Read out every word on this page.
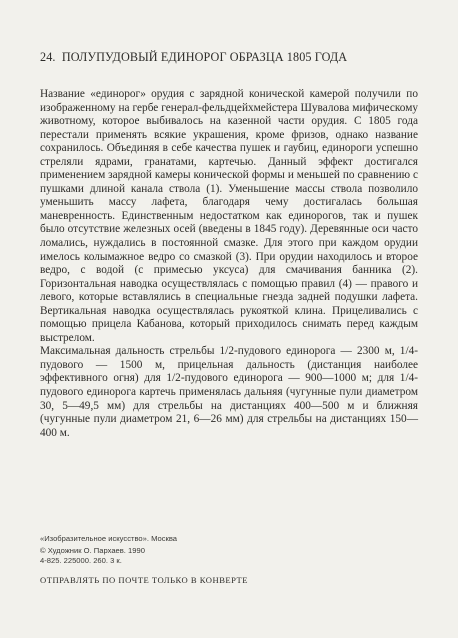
24. ПОЛУПУДОВЫЙ ЕДИНОРОГ ОБРАЗЦА 1805 ГОДА

Название «единорог» орудия с зарядной конической камерой получили по изображенному на гербе генерал-фельдцейхмейстера Шувалова мифическому животному, которое выбивалось на казенной части орудия. С 1805 года перестали применять всякие украшения, кроме фризов, однако название сохранилось. Объединяя в себе качества пушек и гаубиц, единороги успешно стреляли ядрами, гранатами, картечью. Данный эффект достигался применением зарядной камеры конической формы и меньшей по сравнению с пушками длиной канала ствола (1). Уменьшение массы ствола позволило уменьшить массу лафета, благодаря чему достигалась большая маневренность. Единственным недостатком как единорогов, так и пушек было отсутствие железных осей (введены в 1845 году). Деревянные оси часто ломались, нуждались в постоянной смазке. Для этого при каждом орудии имелось колымажное ведро со смазкой (3). При орудии находилось и второе ведро, с водой (с примесью уксуса) для смачивания банника (2). Горизонтальная наводка осуществлялась с помощью правил (4) — правого и левого, которые вставлялись в специальные гнезда задней подушки лафета. Вертикальная наводка осуществлялась рукояткой клина. Прицеливались с помощью прицела Кабанова, который приходилось снимать перед каждым выстрелом.

Максимальная дальность стрельбы 1/2-пудового единорога — 2300 м, 1/4-пудового — 1500 м, прицельная дальность (дистанция наиболее эффективного огня) для 1/2-пудового единорога — 900—1000 м; для 1/4-пудового единорога картечь применялась дальняя (чугунные пули диаметром 30, 5—49,5 мм) для стрельбы на дистанциях 400—500 м и ближняя (чугунные пули диаметром 21, 6—26 мм) для стрельбы на дистанциях 150—400 м.

«Изобразительное искусство». Москва
© Художник О. Пархаев. 1990
4-825. 225000. 260. 3 к.
ОТПРАВЛЯТЬ ПО ПОЧТЕ ТОЛЬКО В КОНВЕРТЕ
